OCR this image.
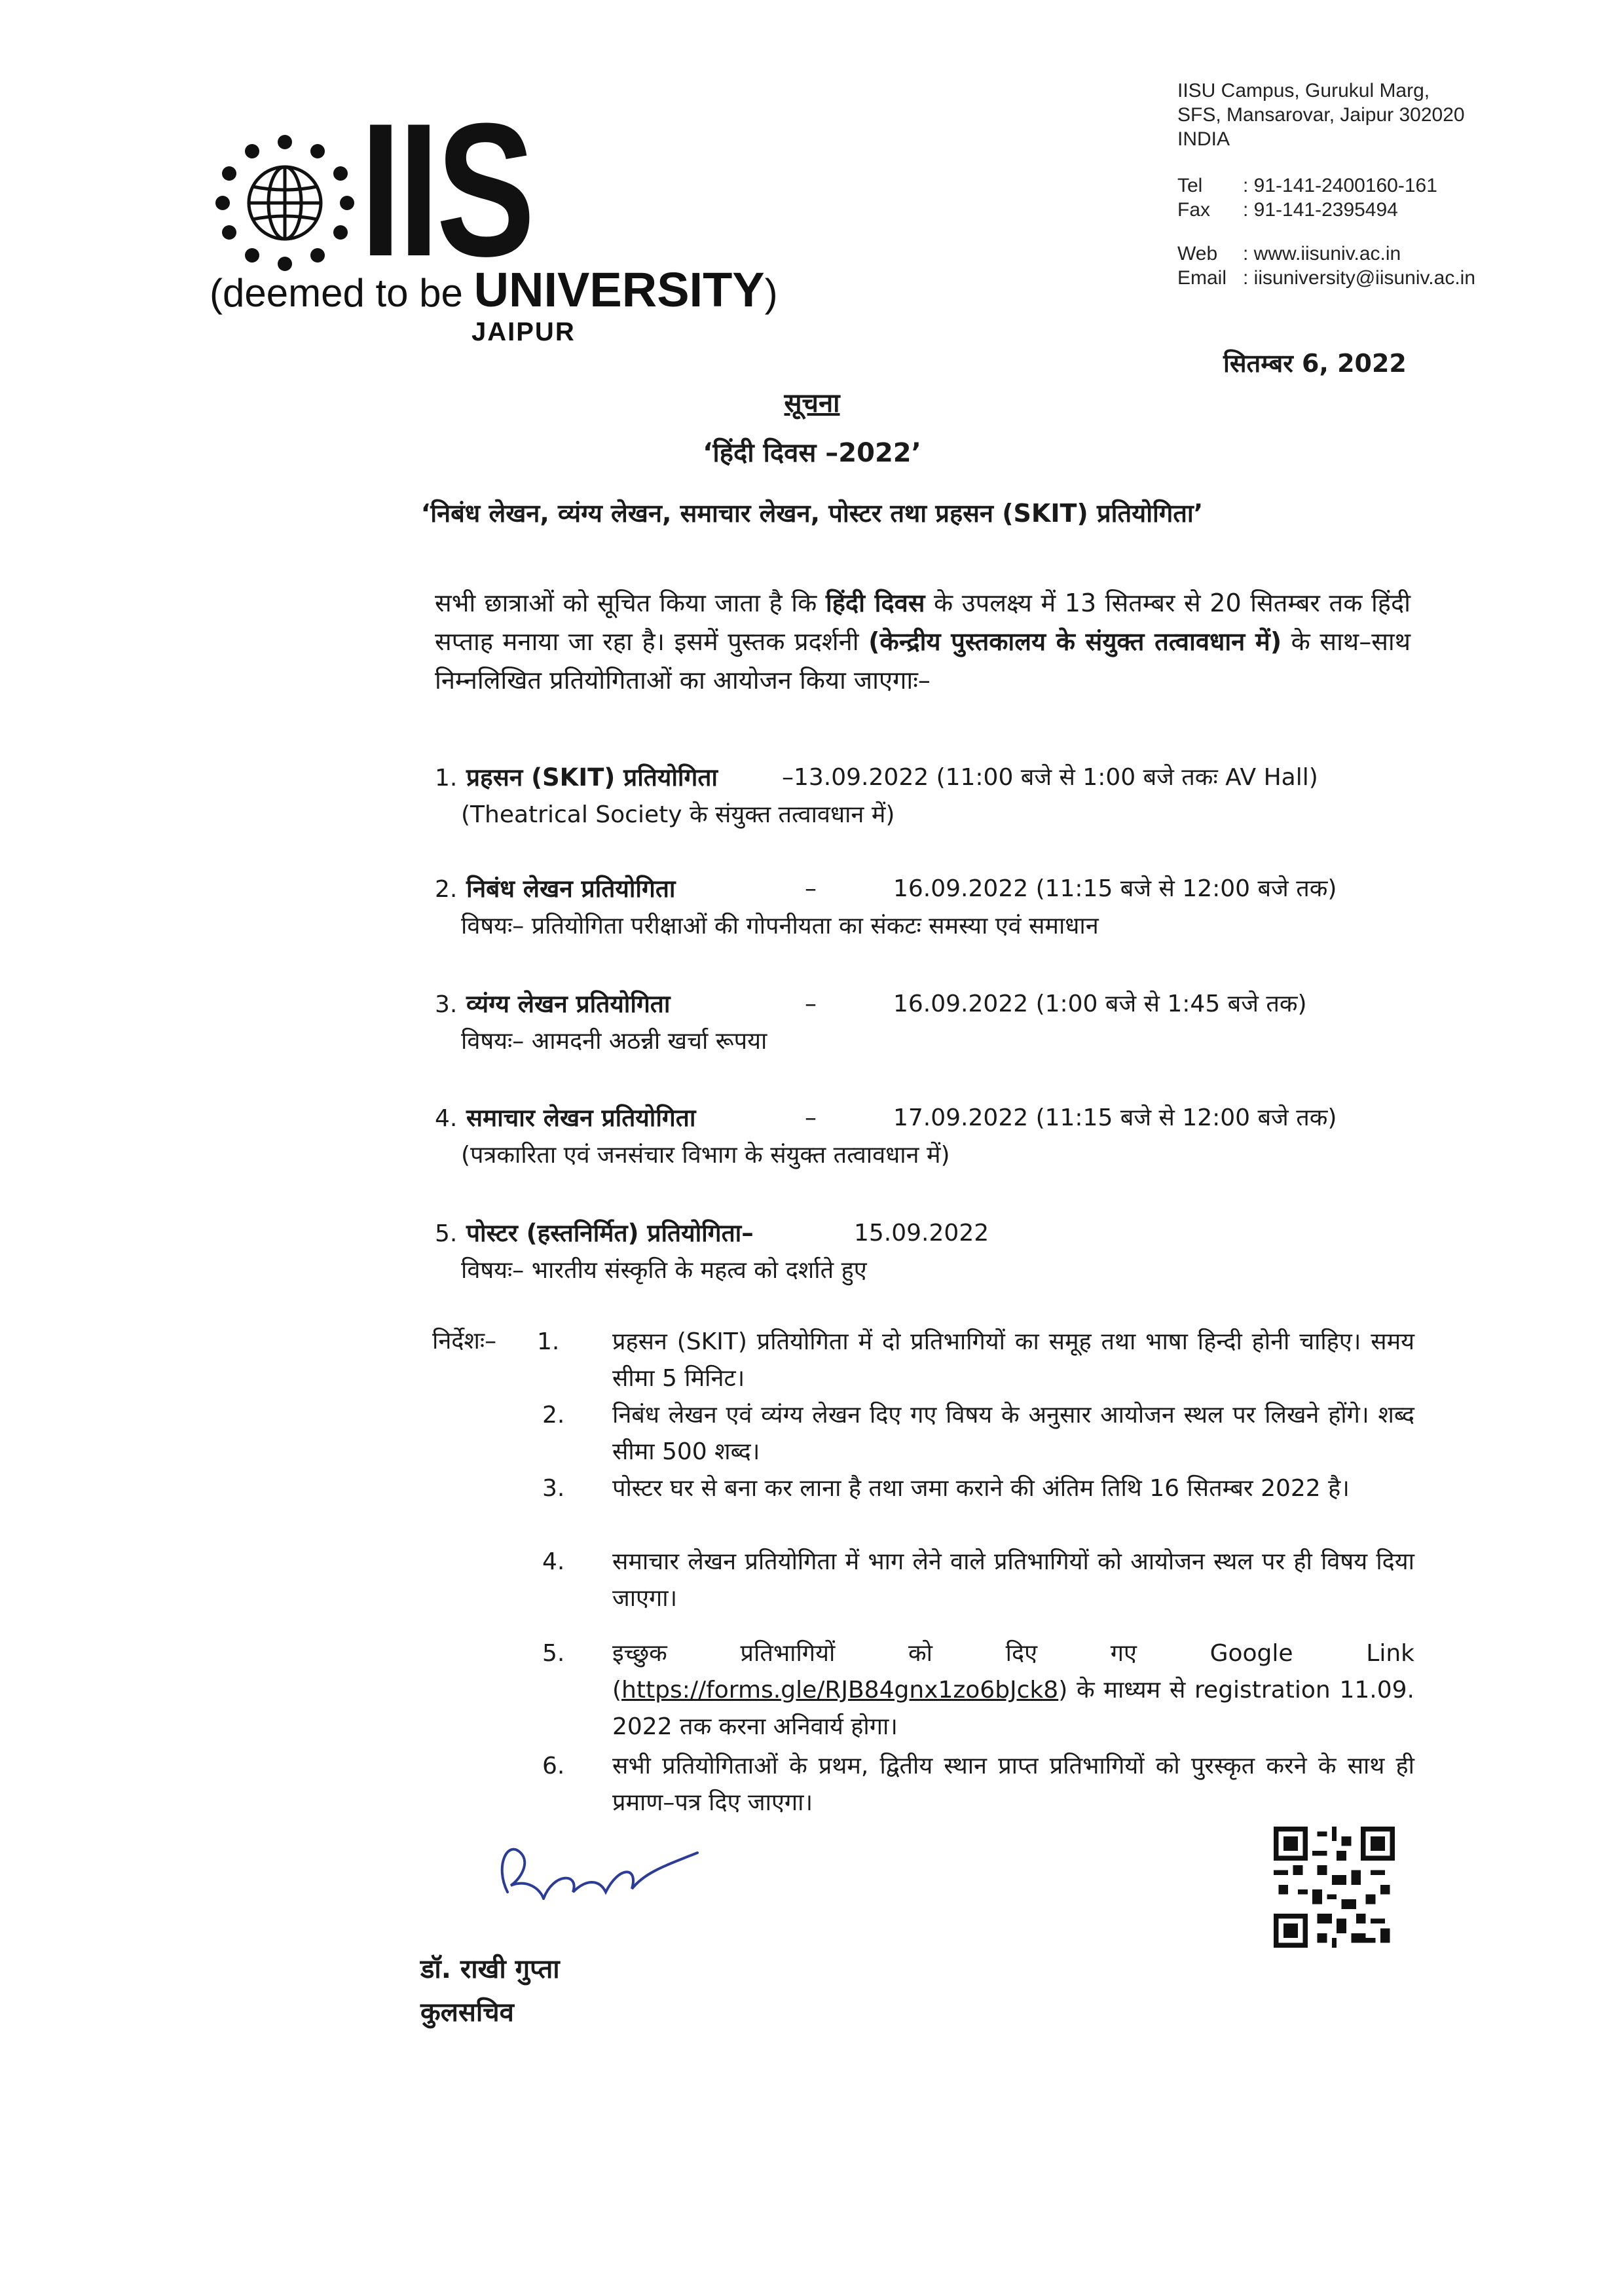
IIS
(deemed to be UNIVERSITY)
JAIPUR
IISU Campus, Gurukul Marg,
SFS, Mansarovar, Jaipur 302020
INDIA
Tel : 91-141-2400160-161
Fax : 91-141-2395494
Web : www.iisuniv.ac.in
Email : iisuniversity@iisuniv.ac.in
सितम्बर 6, 2022
सूचना
‘हिंदी दिवस –2022’
‘निबंध लेखन, व्यंग्य लेखन, समाचार लेखन, पोस्टर तथा प्रहसन (SKIT) प्रतियोगिता’
सभी छात्राओं को सूचित किया जाता है कि हिंदी दिवस के उपलक्ष्य में 13 सितम्बर से 20 सितम्बर तक हिंदी सप्ताह मनाया जा रहा है। इसमें पुस्तक प्रदर्शनी (केन्द्रीय पुस्तकालय के संयुक्त तत्वावधान में) के साथ–साथ निम्नलिखित प्रतियोगिताओं का आयोजन किया जाएगाः–
1. प्रहसन (SKIT) प्रतियोगिता	–13.09.2022 (11:00 बजे से 1:00 बजे तकः AV Hall)
(Theatrical Society के संयुक्त तत्वावधान में)
2. निबंध लेखन प्रतियोगिता	–	16.09.2022 (11:15 बजे से 12:00 बजे तक)
विषयः– प्रतियोगिता परीक्षाओं की गोपनीयता का संकटः समस्या एवं समाधान
3. व्यंग्य लेखन प्रतियोगिता	–	16.09.2022 (1:00 बजे से 1:45 बजे तक)
विषयः– आमदनी अठन्नी खर्चा रूपया
4. समाचार लेखन प्रतियोगिता	–	17.09.2022 (11:15 बजे से 12:00 बजे तक)
(पत्रकारिता एवं जनसंचार विभाग के संयुक्त तत्वावधान में)
5. पोस्टर (हस्तनिर्मित) प्रतियोगिता–	15.09.2022
विषयः– भारतीय संस्कृति के महत्व को दर्शाते हुए
निर्देशः– 1. प्रहसन (SKIT) प्रतियोगिता में दो प्रतिभागियों का समूह तथा भाषा हिन्दी होनी चाहिए। समय सीमा 5 मिनिट।
2. निबंध लेखन एवं व्यंग्य लेखन दिए गए विषय के अनुसार आयोजन स्थल पर लिखने होंगे। शब्द सीमा 500 शब्द।
3. पोस्टर घर से बना कर लाना है तथा जमा कराने की अंतिम तिथि 16 सितम्बर 2022 है।
4. समाचार लेखन प्रतियोगिता में भाग लेने वाले प्रतिभागियों को आयोजन स्थल पर ही विषय दिया जाएगा।
5. इच्छुक प्रतिभागियों को दिए गए Google Link (https://forms.gle/RJB84gnx1zo6bJck8) के माध्यम से registration 11.09. 2022 तक करना अनिवार्य होगा।
6. सभी प्रतियोगिताओं के प्रथम, द्वितीय स्थान प्राप्त प्रतिभागियों को पुरस्कृत करने के साथ ही प्रमाण–पत्र दिए जाएगा।
डॉ. राखी गुप्ता
कुलसचिव
